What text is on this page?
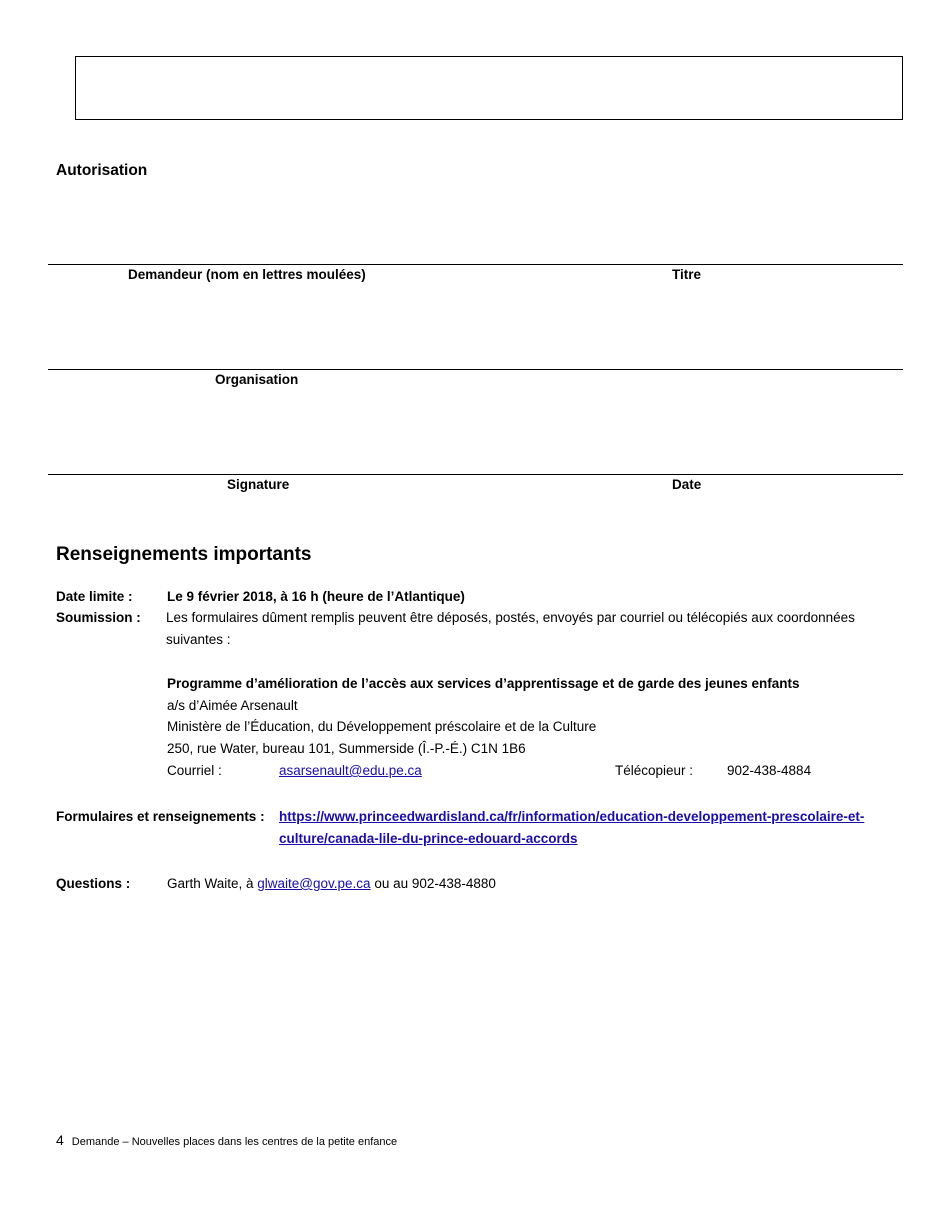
Autorisation
Demandeur (nom en lettres moulées)	Titre
Organisation
Signature	Date
Renseignements importants
Date limite :	Le 9 février 2018, à 16 h (heure de l’Atlantique)
Soumission : Les formulaires dûment remplis peuvent être déposés, postés, envoyés par courriel ou télécopiés aux coordonnées
suivantes :
Programme d’amélioration de l’accès aux services d’apprentissage et de garde des jeunes enfants
a/s d’Aimée Arsenault
Ministère de l’Éducation, du Développement préscolaire et de la Culture
250, rue Water, bureau 101, Summerside (Î.-P.-É.) C1N 1B6
Courriel :	asarsenault@edu.pe.ca	Télécopieur :	902-438-4884
Formulaires et renseignements : https://www.princeedwardisland.ca/fr/information/education-developpement-prescolaire-et-
culture/canada-lile-du-prince-edouard-accords
Questions :	Garth Waite, à glwaite@gov.pe.ca ou au 902-438-4880
4 Demande – Nouvelles places dans les centres de la petite enfance
